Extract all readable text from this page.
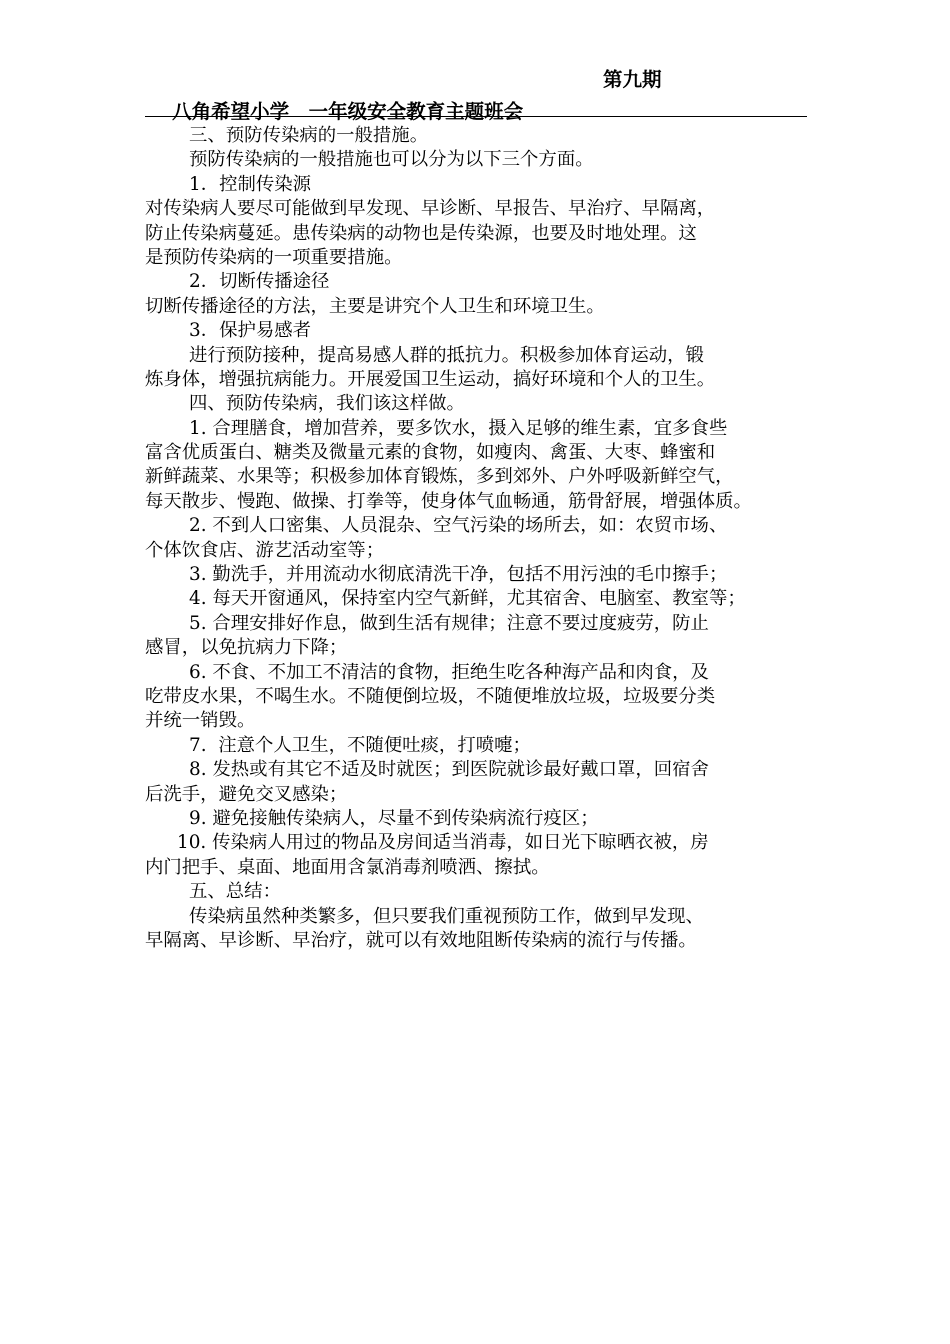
八角希望小学　一年级安全教育主题班会

第九期

三、预防传染病的一般措施。
预防传染病的一般措施也可以分为以下三个方面。
1．控制传染源
对传染病人要尽可能做到早发现、早诊断、早报告、早治疗、早隔离，
防止传染病蔓延。患传染病的动物也是传染源，也要及时地处理。这
是预防传染病的一项重要措施。
2．切断传播途径
切断传播途径的方法，主要是讲究个人卫生和环境卫生。
3．保护易感者
进行预防接种，提高易感人群的抵抗力。积极参加体育运动，锻
炼身体，增强抗病能力。开展爱国卫生运动，搞好环境和个人的卫生。
四、预防传染病，我们该这样做。
1. 合理膳食，增加营养，要多饮水，摄入足够的维生素，宜多食些
富含优质蛋白、糖类及微量元素的食物，如瘦肉、禽蛋、大枣、蜂蜜和
新鲜蔬菜、水果等；积极参加体育锻炼，多到郊外、户外呼吸新鲜空气，
每天散步、慢跑、做操、打拳等，使身体气血畅通，筋骨舒展，增强体质。
2. 不到人口密集、人员混杂、空气污染的场所去，如：农贸市场、
个体饮食店、游艺活动室等；
3. 勤洗手，并用流动水彻底清洗干净，包括不用污浊的毛巾擦手；
4. 每天开窗通风，保持室内空气新鲜，尤其宿舍、电脑室、教室等；
5. 合理安排好作息，做到生活有规律；注意不要过度疲劳，防止
感冒，以免抗病力下降；
6. 不食、不加工不清洁的食物，拒绝生吃各种海产品和肉食，及
吃带皮水果，不喝生水。不随便倒垃圾，不随便堆放垃圾，垃圾要分类
并统一销毁。
7.  注意个人卫生，不随便吐痰，打喷嚏；
8. 发热或有其它不适及时就医；到医院就诊最好戴口罩，回宿舍
后洗手，避免交叉感染；
9. 避免接触传染病人，尽量不到传染病流行疫区；
10. 传染病人用过的物品及房间适当消毒，如日光下晾晒衣被，房
内门把手、桌面、地面用含氯消毒剂喷洒、擦拭。
五、总结：
传染病虽然种类繁多，但只要我们重视预防工作，做到早发现、
早隔离、早诊断、早治疗，就可以有效地阻断传染病的流行与传播。
